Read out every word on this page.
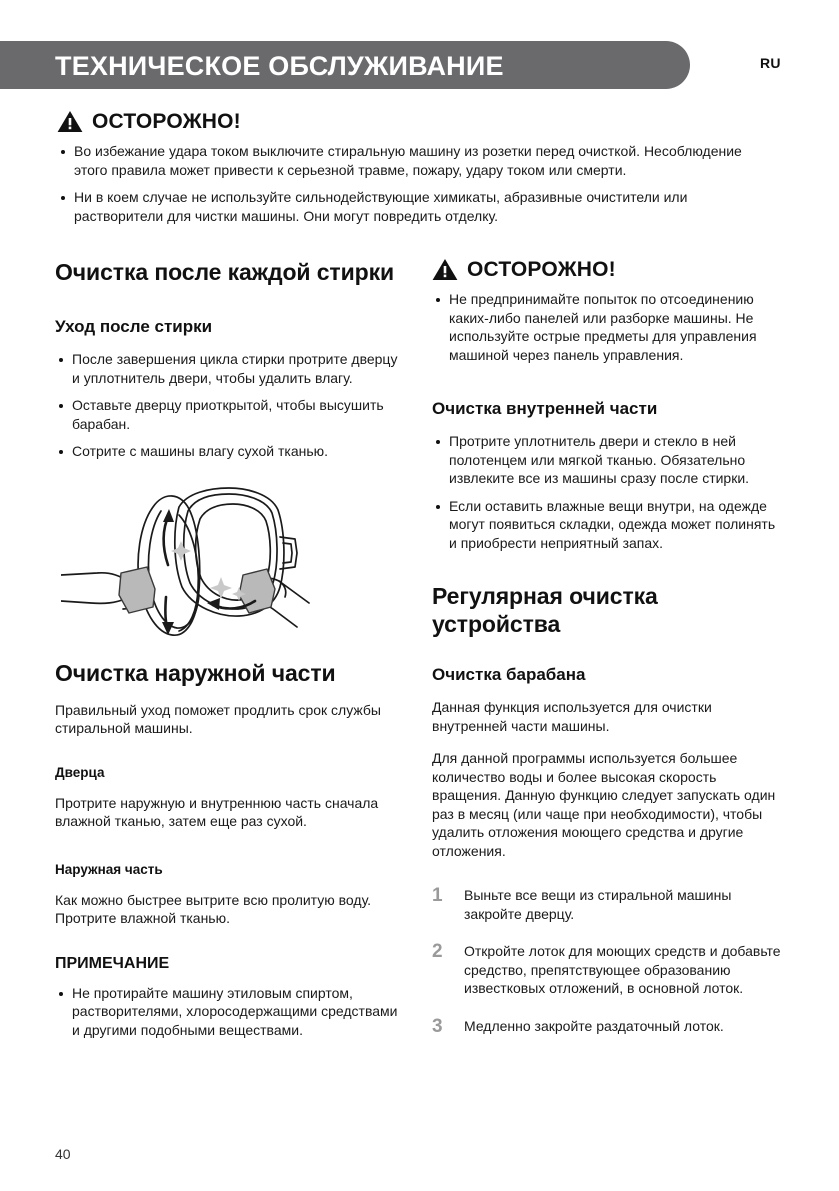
ТЕХНИЧЕСКОЕ ОБСЛУЖИВАНИЕ	RU
ОСТОРОЖНО!
Во избежание удара током выключите стиральную машину из розетки перед очисткой. Несоблюдение этого правила может привести к серьезной травме, пожару, удару током или смерти.
Ни в коем случае не используйте сильнодействующие химикаты, абразивные очистители или растворители для чистки машины. Они могут повредить отделку.
Очистка после каждой стирки
Уход после стирки
После завершения цикла стирки протрите дверцу и уплотнитель двери, чтобы удалить влагу.
Оставьте дверцу приоткрытой, чтобы высушить барабан.
Сотрите с машины влагу сухой тканью.
Очистка наружной части

Правильный уход поможет продлить срок службы стиральной машины.

Дверца

Протрите наружную и внутреннюю часть сначала влажной тканью, затем еще раз сухой.

Наружная часть

Как можно быстрее вытрите всю пролитую воду. Протрите влажной тканью.

ПРИМЕЧАНИЕ
Не протирайте машину этиловым спиртом, растворителями, хлоросодержащими средствами и другими подобными веществами.
ОСТОРОЖНО!
Не предпринимайте попыток по отсоединению каких-либо панелей или разборке машины. Не используйте острые предметы для управления машиной через панель управления.
Очистка внутренней части
Протрите уплотнитель двери и стекло в ней полотенцем или мягкой тканью. Обязательно извлеките все из машины сразу после стирки.
Если оставить влажные вещи внутри, на одежде могут появиться складки, одежда может полинять и приобрести неприятный запах.
Регулярная очистка устройства
Очистка барабана

Данная функция используется для очистки внутренней части машины.

Для данной программы используется большее количество воды и более высокая скорость вращения. Данную функцию следует запускать один раз в месяц (или чаще при необходимости), чтобы удалить отложения моющего средства и другие отложения.

1	Выньте все вещи из стиральной машины закройте дверцу.
2	Откройте лоток для моющих средств и добавьте средство, препятствующее образованию известковых отложений, в основной лоток.
3	Медленно закройте раздаточный лоток.
40
